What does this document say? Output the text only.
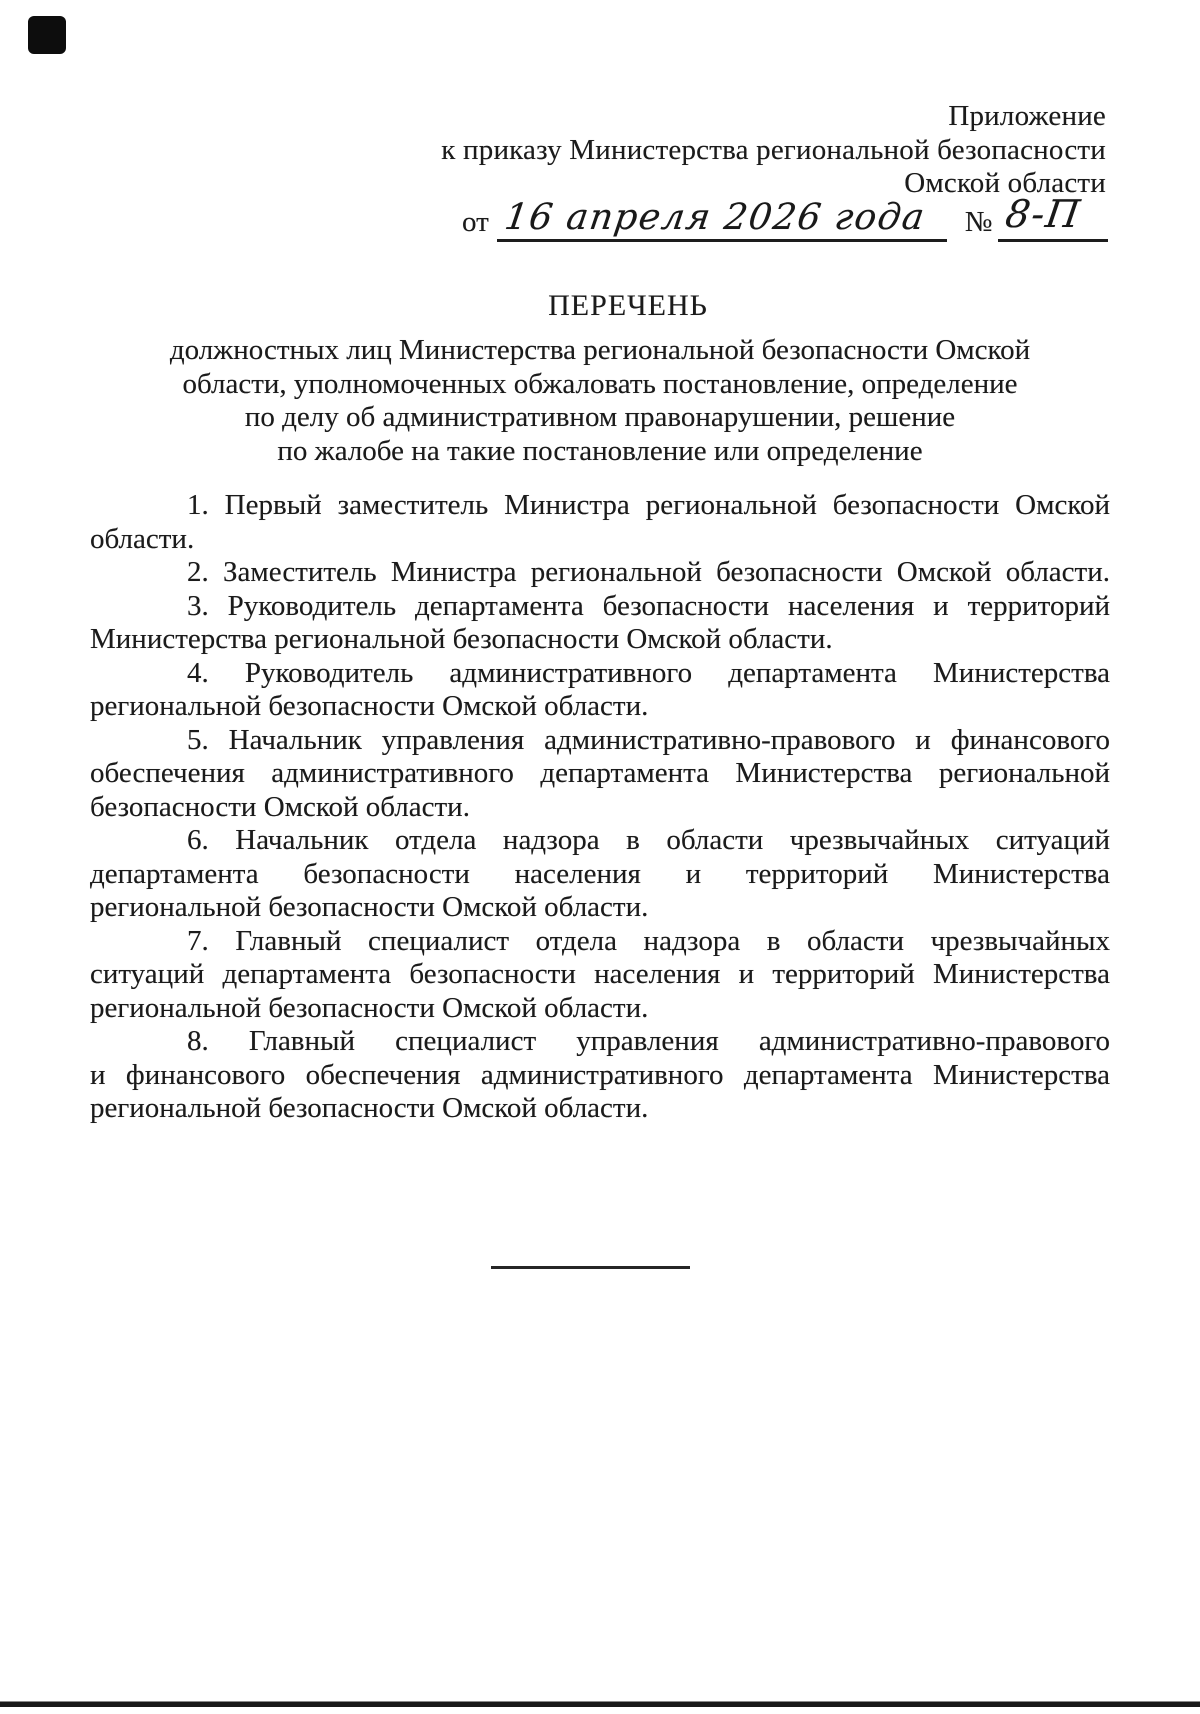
Приложение
к приказу Министерства региональной безопасности
Омской области
от 16 апреля 2026 года № 8-П
ПЕРЕЧЕНЬ
должностных лиц Министерства региональной безопасности Омской
области, уполномоченных обжаловать постановление, определение
по делу об административном правонарушении, решение
по жалобе на такие постановление или определение
1. Первый заместитель Министра региональной безопасности Омской
области.
2. Заместитель Министра региональной безопасности Омской области.
3. Руководитель департамента безопасности населения и территорий
Министерства региональной безопасности Омской области.
4. Руководитель административного департамента Министерства
региональной безопасности Омской области.
5. Начальник управления административно-правового и финансового
обеспечения административного департамента Министерства региональной
безопасности Омской области.
6. Начальник отдела надзора в области чрезвычайных ситуаций
департамента безопасности населения и территорий Министерства
региональной безопасности Омской области.
7. Главный специалист отдела надзора в области чрезвычайных
ситуаций департамента безопасности населения и территорий Министерства
региональной безопасности Омской области.
8. Главный специалист управления административно-правового
и финансового обеспечения административного департамента Министерства
региональной безопасности Омской области.
